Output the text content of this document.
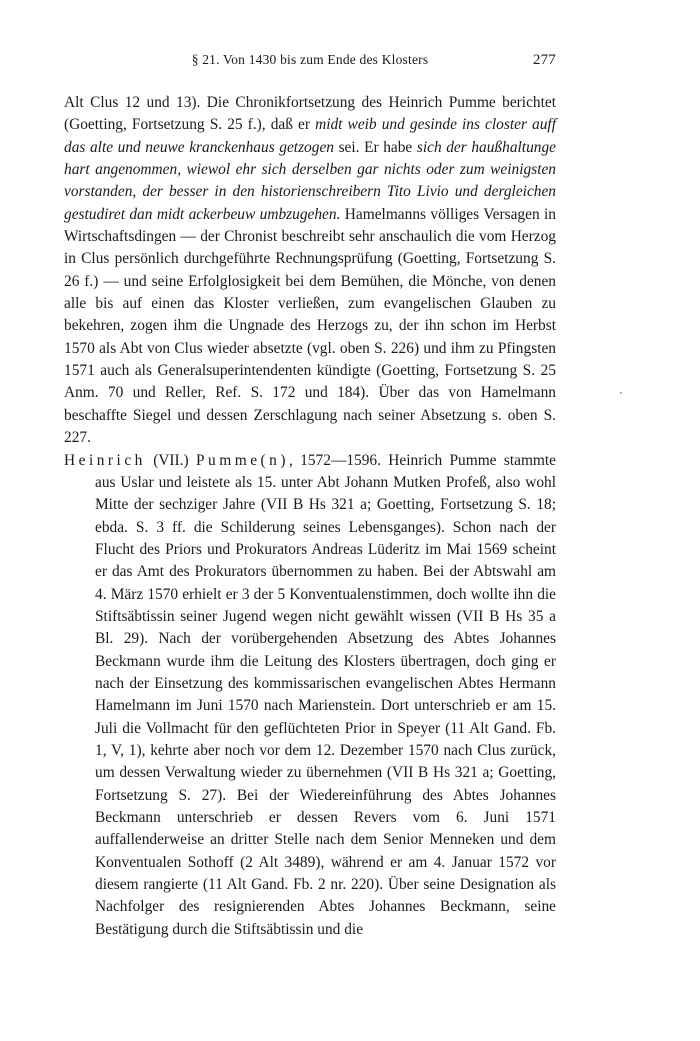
§ 21. Von 1430 bis zum Ende des Klosters	277

Alt Clus 12 und 13). Die Chronikfortsetzung des Heinrich Pumme berichtet (Goetting, Fortsetzung S. 25 f.), daß er midt weib und gesinde ins closter auff das alte und neuwe kranckenhaus getzogen sei. Er habe sich der haußhaltunge hart angenommen, wiewol ehr sich derselben gar nichts oder zum weinigsten vorstanden, der besser in den historienschreibern Tito Livio und dergleichen gestudiret dan midt ackerbeuw umbzugehen. Hamelmanns völliges Versagen in Wirtschaftsdingen — der Chronist beschreibt sehr anschaulich die vom Herzog in Clus persönlich durchgeführte Rechnungsprüfung (Goetting, Fortsetzung S. 26 f.) — und seine Erfolglosigkeit bei dem Bemühen, die Mönche, von denen alle bis auf einen das Kloster verließen, zum evangelischen Glauben zu bekehren, zogen ihm die Ungnade des Herzogs zu, der ihn schon im Herbst 1570 als Abt von Clus wieder absetzte (vgl. oben S. 226) und ihm zu Pfingsten 1571 auch als Generalsuperintendenten kündigte (Goetting, Fortsetzung S. 25 Anm. 70 und Reller, Ref. S. 172 und 184). Über das von Hamelmann beschaffte Siegel und dessen Zerschlagung nach seiner Absetzung s. oben S. 227.

Heinrich (VII.) Pumme(n), 1572—1596. Heinrich Pumme stammte aus Uslar und leistete als 15. unter Abt Johann Mutken Profeß, also wohl Mitte der sechziger Jahre (VII B Hs 321 a; Goetting, Fortsetzung S. 18; ebda. S. 3 ff. die Schilderung seines Lebensganges). Schon nach der Flucht des Priors und Prokurators Andreas Lüderitz im Mai 1569 scheint er das Amt des Prokurators übernommen zu haben. Bei der Abtswahl am 4. März 1570 erhielt er 3 der 5 Konventualenstimmen, doch wollte ihn die Stiftsäbtissin seiner Jugend wegen nicht gewählt wissen (VII B Hs 35 a Bl. 29). Nach der vorübergehenden Absetzung des Abtes Johannes Beckmann wurde ihm die Leitung des Klosters übertragen, doch ging er nach der Einsetzung des kommissarischen evangelischen Abtes Hermann Hamelmann im Juni 1570 nach Marienstein. Dort unterschrieb er am 15. Juli die Vollmacht für den geflüchteten Prior in Speyer (11 Alt Gand. Fb. 1, V, 1), kehrte aber noch vor dem 12. Dezember 1570 nach Clus zurück, um dessen Verwaltung wieder zu übernehmen (VII B Hs 321 a; Goetting, Fortsetzung S. 27). Bei der Wiedereinführung des Abtes Johannes Beckmann unterschrieb er dessen Revers vom 6. Juni 1571 auffallenderweise an dritter Stelle nach dem Senior Menneken und dem Konventualen Sothoff (2 Alt 3489), während er am 4. Januar 1572 vor diesem rangierte (11 Alt Gand. Fb. 2 nr. 220). Über seine Designation als Nachfolger des resignierenden Abtes Johannes Beckmann, seine Bestätigung durch die Stiftsäbtissin und die
